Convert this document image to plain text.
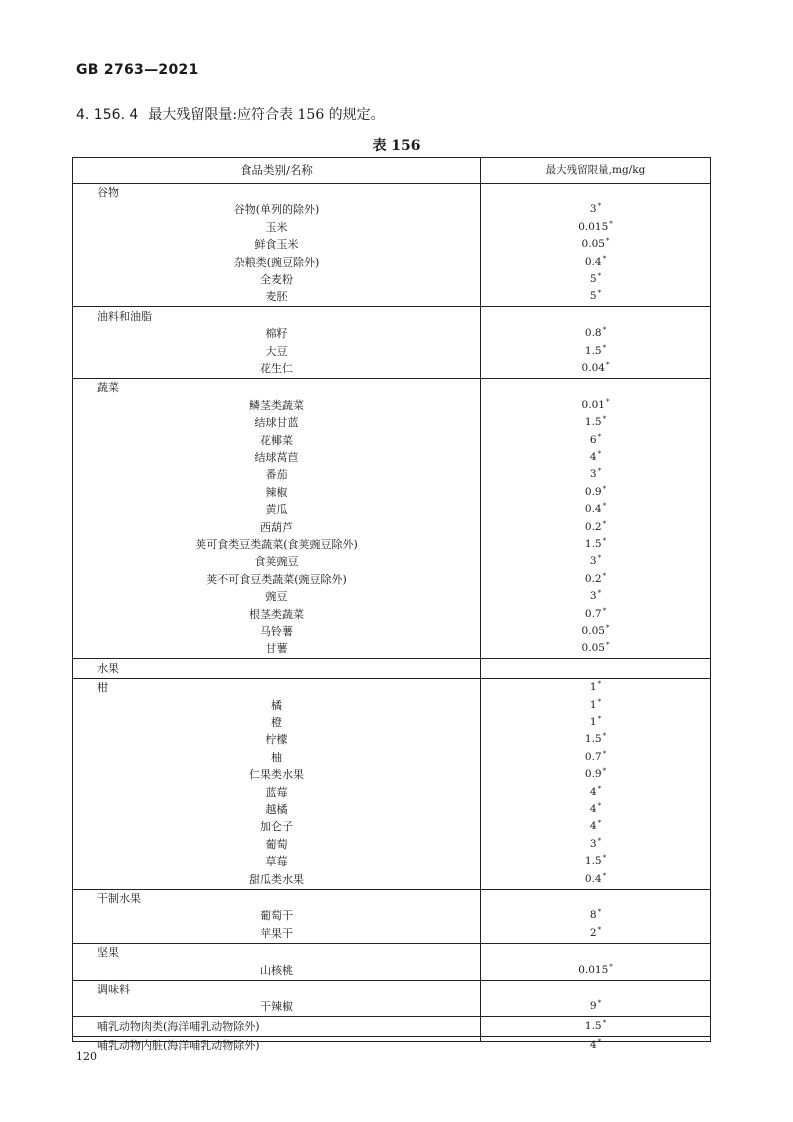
GB 2763—2021
4. 156. 4 最大残留限量:应符合表 156 的规定。
表 156
食品类别/名称	最大残留限量,mg/kg
谷物
谷物(单列的除外)	3*
玉米	0.015*
鲜食玉米	0.05*
杂粮类(豌豆除外)	0.4*
全麦粉	5*
麦胚	5*
油料和油脂
棉籽	0.8*
大豆	1.5*
花生仁	0.04*
蔬菜
鳞茎类蔬菜	0.01*
结球甘蓝	1.5*
花椰菜	6*
结球莴苣	4*
番茄	3*
辣椒	0.9*
黄瓜	0.4*
西葫芦	0.2*
荚可食类豆类蔬菜(食荚豌豆除外)	1.5*
食荚豌豆	3*
荚不可食豆类蔬菜(豌豆除外)	0.2*
豌豆	3*
根茎类蔬菜	0.7*
马铃薯	0.05*
甘薯	0.05*
水果
柑	1*
橘	1*
橙	1*
柠檬	1.5*
柚	0.7*
仁果类水果	0.9*
蓝莓	4*
越橘	4*
加仑子	4*
葡萄	3*
草莓	1.5*
甜瓜类水果	0.4*
干制水果
葡萄干	8*
苹果干	2*
坚果
山核桃	0.015*
调味料
干辣椒	9*
哺乳动物肉类(海洋哺乳动物除外)	1.5*
哺乳动物内脏(海洋哺乳动物除外)	4*
120
